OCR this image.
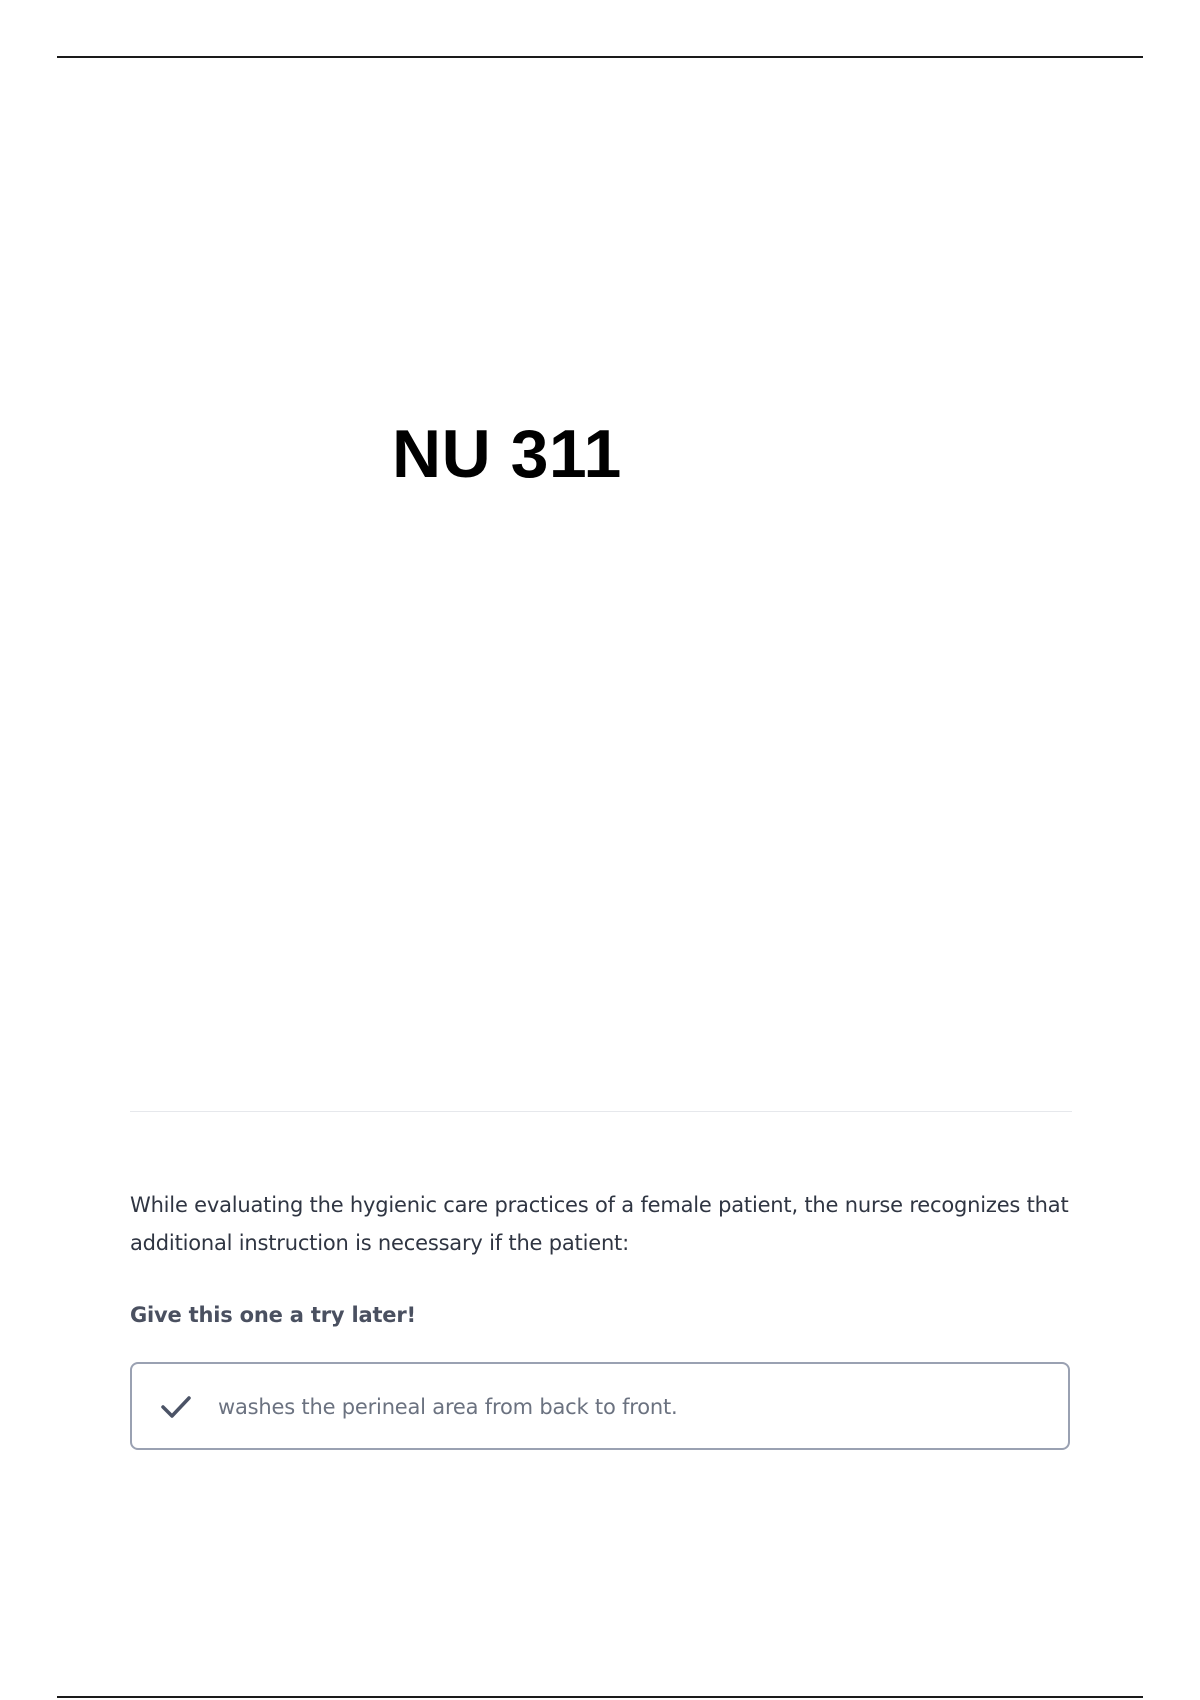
NU 311
While evaluating the hygienic care practices of a female patient, the nurse recognizes that additional instruction is necessary if the patient:
Give this one a try later!
washes the perineal area from back to front.
